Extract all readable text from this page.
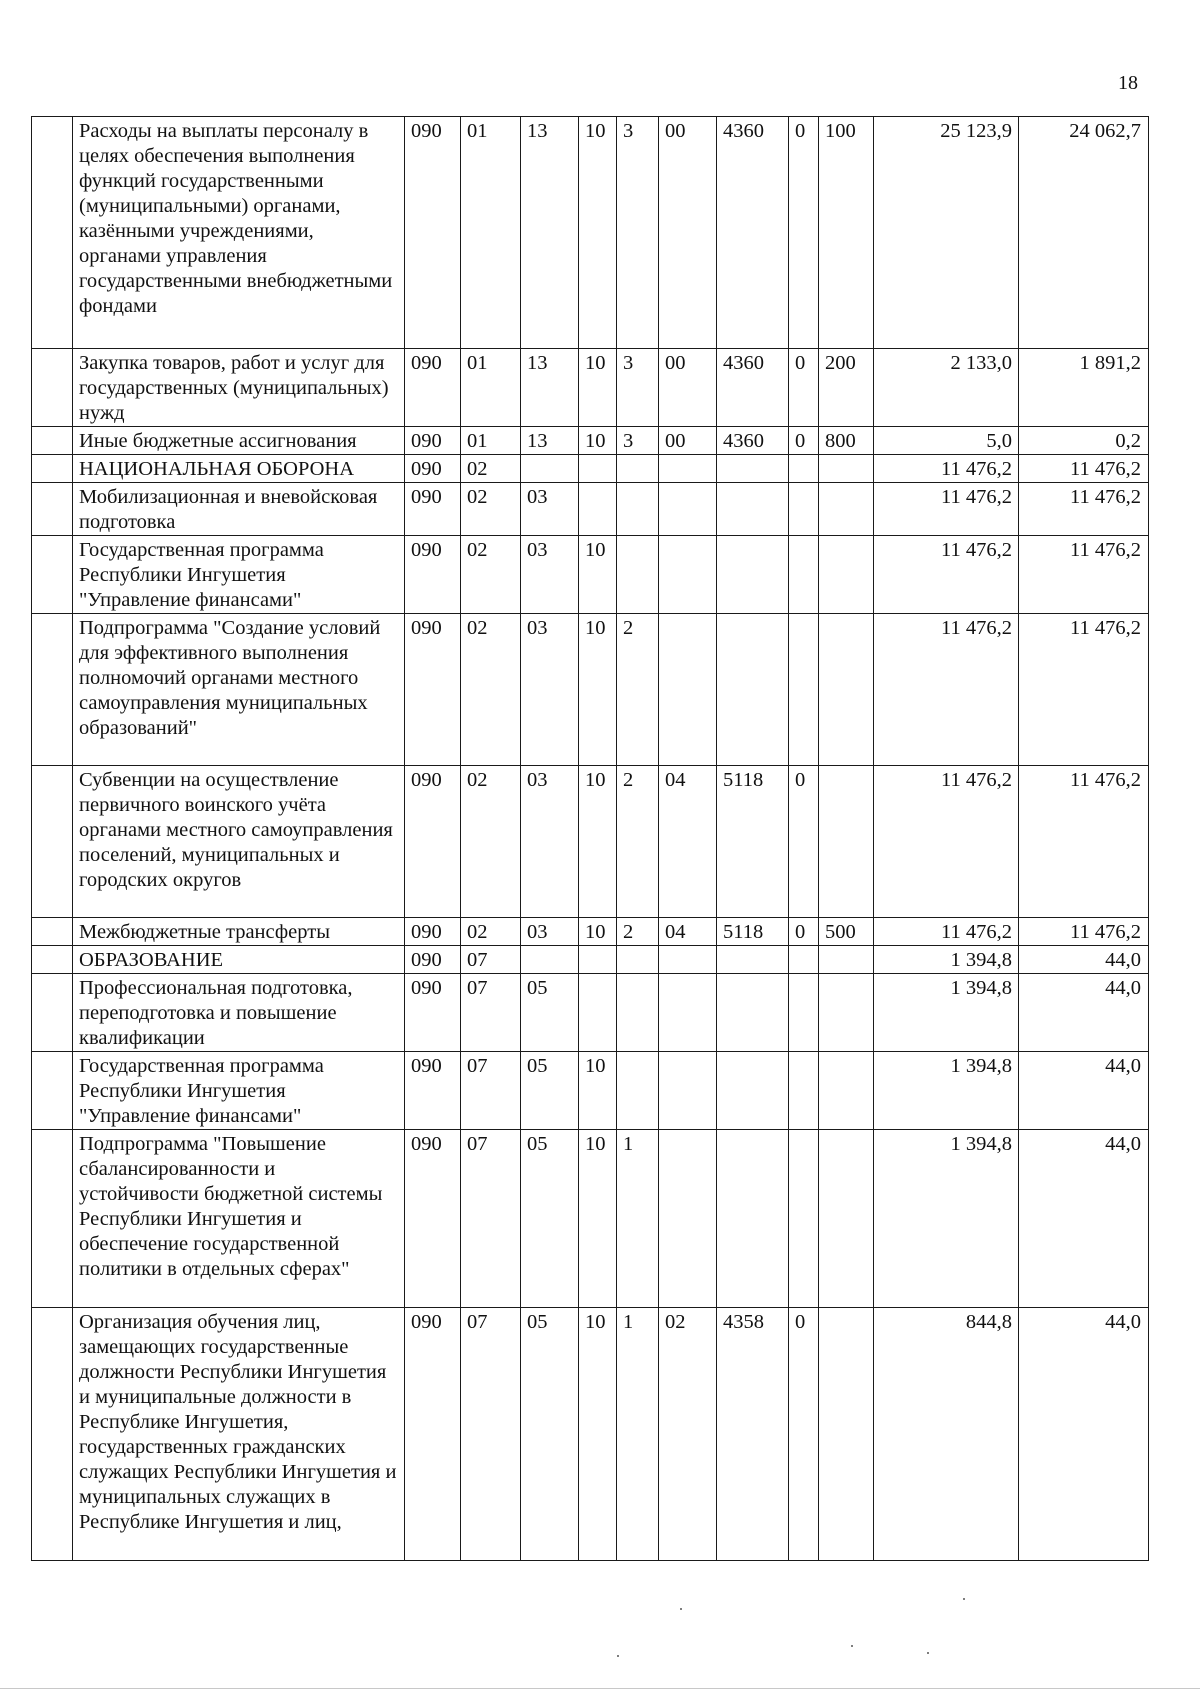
18
	Расходы на выплаты персоналу в целях обеспечения выполнения функций государственными (муниципальными) органами, казёнными учреждениями, органами управления государственными внебюджетными фондами	090	01	13	10	3	00	4360	0	100	25 123,9	24 062,7
	Закупка товаров, работ и услуг для государственных (муниципальных) нужд	090	01	13	10	3	00	4360	0	200	2 133,0	1 891,2
	Иные бюджетные ассигнования	090	01	13	10	3	00	4360	0	800	5,0	0,2
	НАЦИОНАЛЬНАЯ ОБОРОНА	090	02								11 476,2	11 476,2
	Мобилизационная и вневойсковая подготовка	090	02	03							11 476,2	11 476,2
	Государственная программа Республики Ингушетия "Управление финансами"	090	02	03	10						11 476,2	11 476,2
	Подпрограмма "Создание условий для эффективного выполнения полномочий органами местного самоуправления муниципальных образований"	090	02	03	10	2					11 476,2	11 476,2
	Субвенции на осуществление первичного воинского учёта органами местного самоуправления поселений, муниципальных и городских округов	090	02	03	10	2	04	5118	0		11 476,2	11 476,2
	Межбюджетные трансферты	090	02	03	10	2	04	5118	0	500	11 476,2	11 476,2
	ОБРАЗОВАНИЕ	090	07								1 394,8	44,0
	Профессиональная подготовка, переподготовка и повышение квалификации	090	07	05							1 394,8	44,0
	Государственная программа Республики Ингушетия "Управление финансами"	090	07	05	10						1 394,8	44,0
	Подпрограмма "Повышение сбалансированности и устойчивости бюджетной системы Республики Ингушетия и обеспечение государственной политики в отдельных сферах"	090	07	05	10	1					1 394,8	44,0
	Организация обучения лиц, замещающих государственные должности Республики Ингушетия и муниципальные должности в Республике Ингушетия, государственных гражданских служащих Республики Ингушетия и муниципальных служащих в Республике Ингушетия и лиц,	090	07	05	10	1	02	4358	0		844,8	44,0
